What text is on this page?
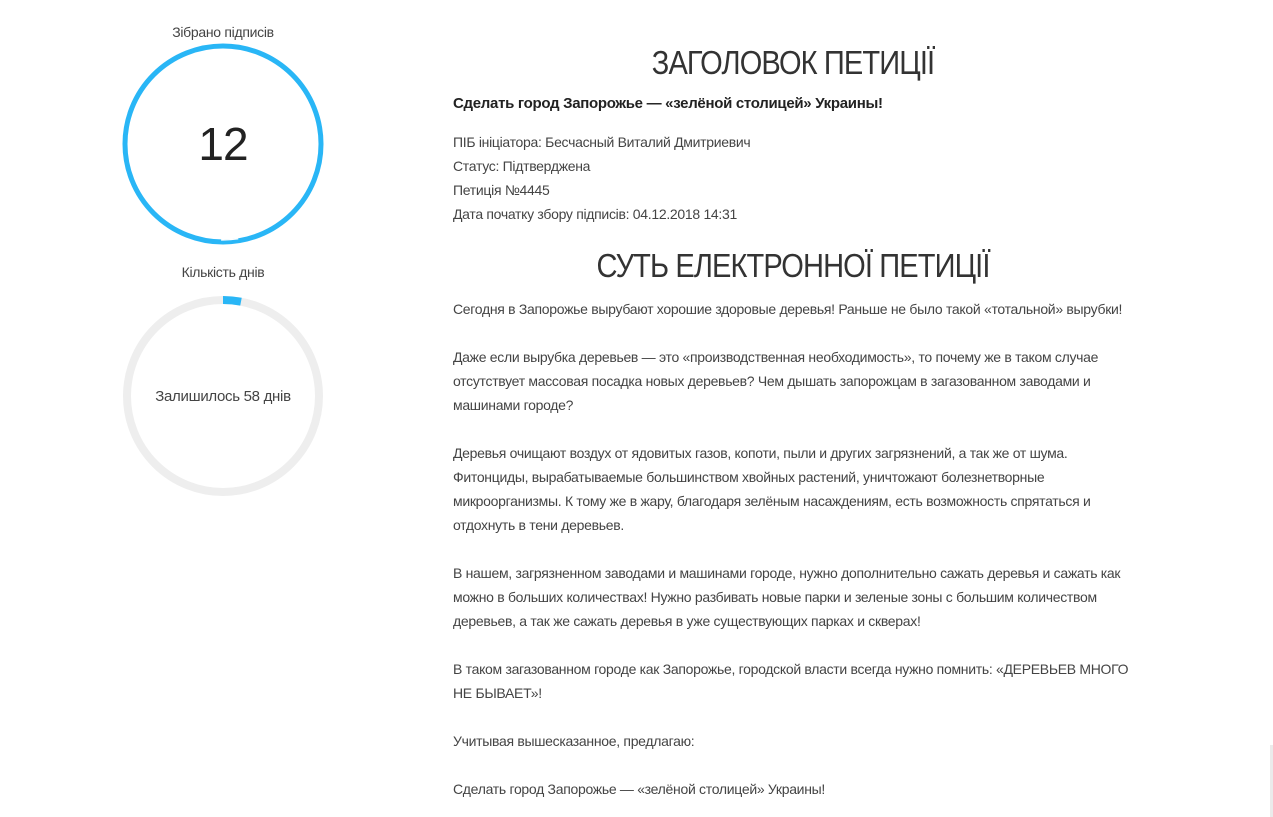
Зібрано підписів
12
Кількість днів
Залишилось 58 днів
ЗАГОЛОВОК ПЕТИЦІЇ
Сделать город Запорожье — «зелёной столицей» Украины!
ПІБ ініціатора: Бесчасный Виталий Дмитриевич
Статус: Підтверджена
Петиція №4445
Дата початку збору підписів: 04.12.2018 14:31
СУТЬ ЕЛЕКТРОННОЇ ПЕТИЦІЇ

Сегодня в Запорожье вырубают хорошие здоровые деревья! Раньше не было такой «тотальной» вырубки!

Даже если вырубка деревьев — это «производственная необходимость», то почему же в таком случае отсутствует массовая посадка новых деревьев? Чем дышать запорожцам в загазованном заводами и машинами городе?

Деревья очищают воздух от ядовитых газов, копоти, пыли и других загрязнений, а так же от шума. Фитонциды, вырабатываемые большинством хвойных растений, уничтожают болезнетворные микроорганизмы. К тому же в жару, благодаря зелёным насаждениям, есть возможность спрятаться и отдохнуть в тени деревьев.

В нашем, загрязненном заводами и машинами городе, нужно дополнительно сажать деревья и сажать как можно в больших количествах! Нужно разбивать новые парки и зеленые зоны с большим количеством деревьев, а так же сажать деревья в уже существующих парках и скверах!

В таком загазованном городе как Запорожье, городской власти всегда нужно помнить: «ДЕРЕВЬЕВ МНОГО НЕ БЫВАЕТ»!

Учитывая вышесказанное, предлагаю:

Сделать город Запорожье — «зелёной столицей» Украины!
